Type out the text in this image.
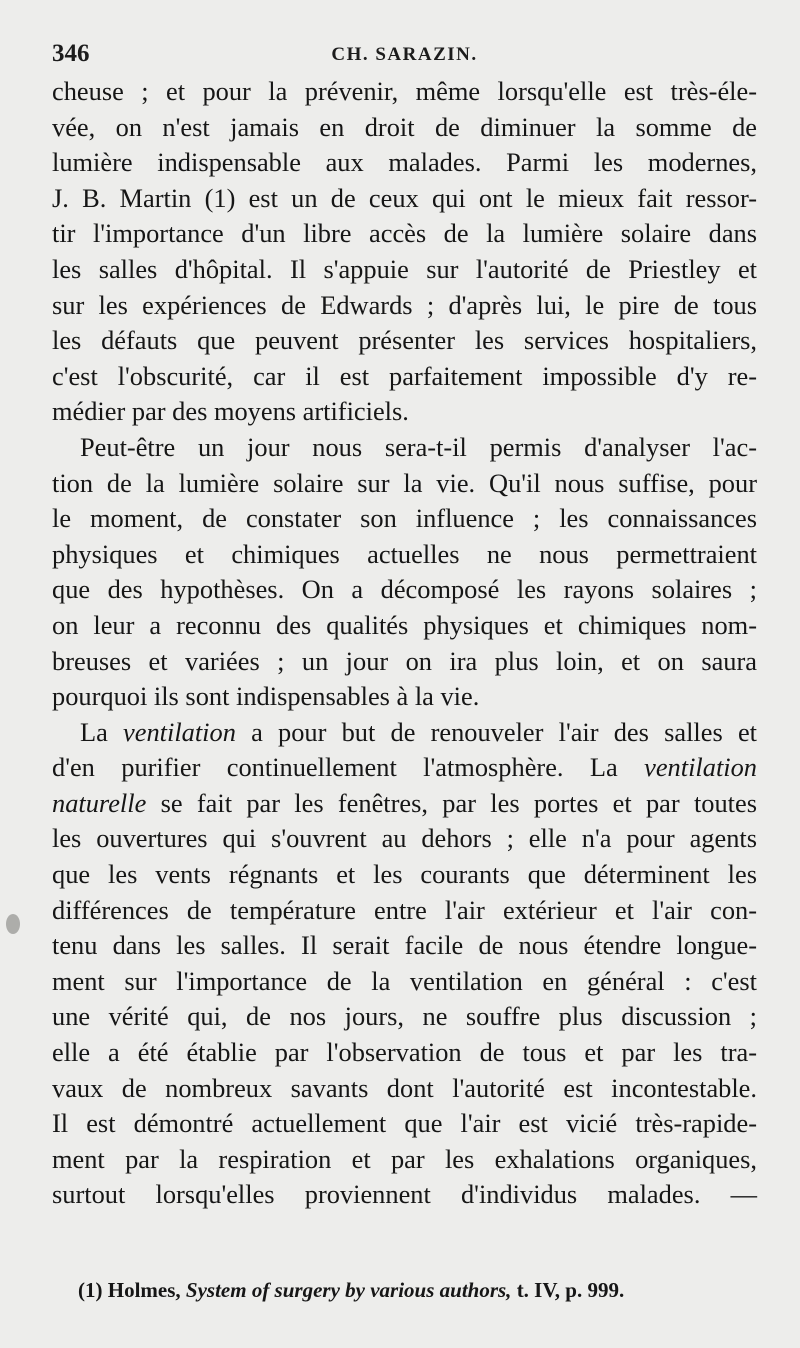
346	CH. SARAZIN.
cheuse ; et pour la prévenir, même lorsqu'elle est très-éle-
vée, on n'est jamais en droit de diminuer la somme de
lumière indispensable aux malades. Parmi les modernes,
J. B. Martin (1) est un de ceux qui ont le mieux fait ressor-
tir l'importance d'un libre accès de la lumière solaire dans
les salles d'hôpital. Il s'appuie sur l'autorité de Priestley et
sur les expériences de Edwards ; d'après lui, le pire de tous
les défauts que peuvent présenter les services hospitaliers,
c'est l'obscurité, car il est parfaitement impossible d'y re-
médier par des moyens artificiels.
Peut-être un jour nous sera-t-il permis d'analyser l'ac-
tion de la lumière solaire sur la vie. Qu'il nous suffise, pour
le moment, de constater son influence ; les connaissances
physiques et chimiques actuelles ne nous permettraient
que des hypothèses. On a décomposé les rayons solaires ;
on leur a reconnu des qualités physiques et chimiques nom-
breuses et variées ; un jour on ira plus loin, et on saura
pourquoi ils sont indispensables à la vie.
La ventilation a pour but de renouveler l'air des salles et
d'en purifier continuellement l'atmosphère. La ventilation
naturelle se fait par les fenêtres, par les portes et par toutes
les ouvertures qui s'ouvrent au dehors ; elle n'a pour agents
que les vents régnants et les courants que déterminent les
différences de température entre l'air extérieur et l'air con-
tenu dans les salles. Il serait facile de nous étendre longue-
ment sur l'importance de la ventilation en général : c'est
une vérité qui, de nos jours, ne souffre plus discussion ;
elle a été établie par l'observation de tous et par les tra-
vaux de nombreux savants dont l'autorité est incontestable.
Il est démontré actuellement que l'air est vicié très-rapide-
ment par la respiration et par les exhalations organiques,
surtout lorsqu'elles proviennent d'individus malades. —
(1) Holmes, System of surgery by various authors, t. IV, p. 999.
